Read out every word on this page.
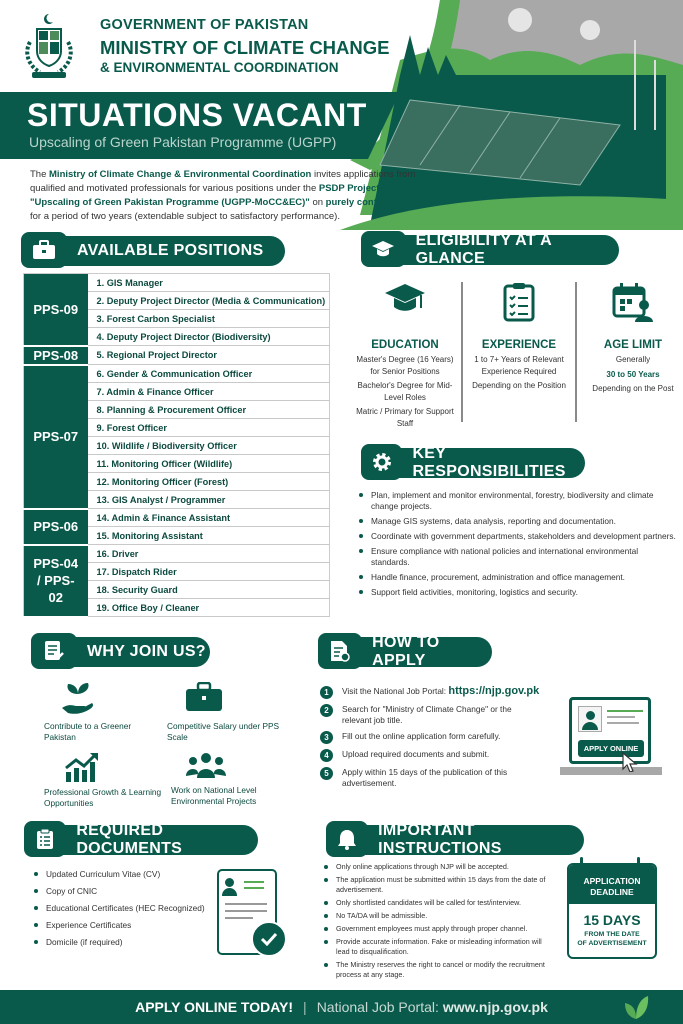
GOVERNMENT OF PAKISTAN
MINISTRY OF CLIMATE CHANGE
& ENVIRONMENTAL COORDINATION
SITUATIONS VACANT
Upscaling of Green Pakistan Programme (UGPP)
The Ministry of Climate Change & Environmental Coordination invites applications from qualified and motivated professionals for various positions under the PSDP Project "Upscaling of Green Pakistan Programme (UGPP-MoCC&EC)" on purely contract basis for a period of two years (extendable subject to satisfactory performance).
AVAILABLE POSITIONS
PPS-09	1. GIS Manager
	2. Deputy Project Director (Media & Communication)
	3. Forest Carbon Specialist
	4. Deputy Project Director (Biodiversity)
PPS-08	5. Regional Project Director
PPS-07	6. Gender & Communication Officer
	7. Admin & Finance Officer
	8. Planning & Procurement Officer
	9. Forest Officer
	10. Wildlife / Biodiversity Officer
	11. Monitoring Officer (Wildlife)
	12. Monitoring Officer (Forest)
	13. GIS Analyst / Programmer
PPS-06	14. Admin & Finance Assistant
	15. Monitoring Assistant
PPS-04 / PPS-02	16. Driver
	17. Dispatch Rider
	18. Security Guard
	19. Office Boy / Cleaner
ELIGIBILITY AT A GLANCE
EDUCATION

Master's Degree (16 Years) for Senior Positions

Bachelor's Degree for Mid-Level Roles

Matric / Primary for Support Staff

EXPERIENCE

1 to 7+ Years of Relevant Experience Required

Depending on the Position

AGE LIMIT

Generally

30 to 50 Years

Depending on the Post

KEY RESPONSIBILITIES
Plan, implement and monitor environmental, forestry, biodiversity and climate change projects.
Manage GIS systems, data analysis, reporting and documentation.
Coordinate with government departments, stakeholders and development partners.
Ensure compliance with national policies and international environmental standards.
Handle finance, procurement, administration and office management.
Support field activities, monitoring, logistics and security.
WHY JOIN US?
Contribute to a Greener Pakistan
Competitive Salary under PPS Scale
Professional Growth & Learning Opportunities
Work on National Level Environmental Projects
HOW TO APPLY
1	Visit the National Job Portal: https://njp.gov.pk
2	Search for "Ministry of Climate Change" or the relevant job title.
3	Fill out the online application form carefully.
4	Upload required documents and submit.
5	Apply within 15 days of the publication of this advertisement.
APPLY ONLINE
REQUIRED DOCUMENTS
Updated Curriculum Vitae (CV)
Copy of CNIC
Educational Certificates (HEC Recognized)
Experience Certificates
Domicile (if required)
IMPORTANT INSTRUCTIONS
Only online applications through NJP will be accepted.
The application must be submitted within 15 days from the date of advertisement.
Only shortlisted candidates will be called for test/interview.
No TA/DA will be admissible.
Government employees must apply through proper channel.
Provide accurate information. Fake or misleading information will lead to disqualification.
The Ministry reserves the right to cancel or modify the recruitment process at any stage.
APPLICATION
DEADLINE
15 DAYS
FROM THE DATE
OF ADVERTISEMENT
APPLY ONLINE TODAY! | National Job Portal: www.njp.gov.pk
